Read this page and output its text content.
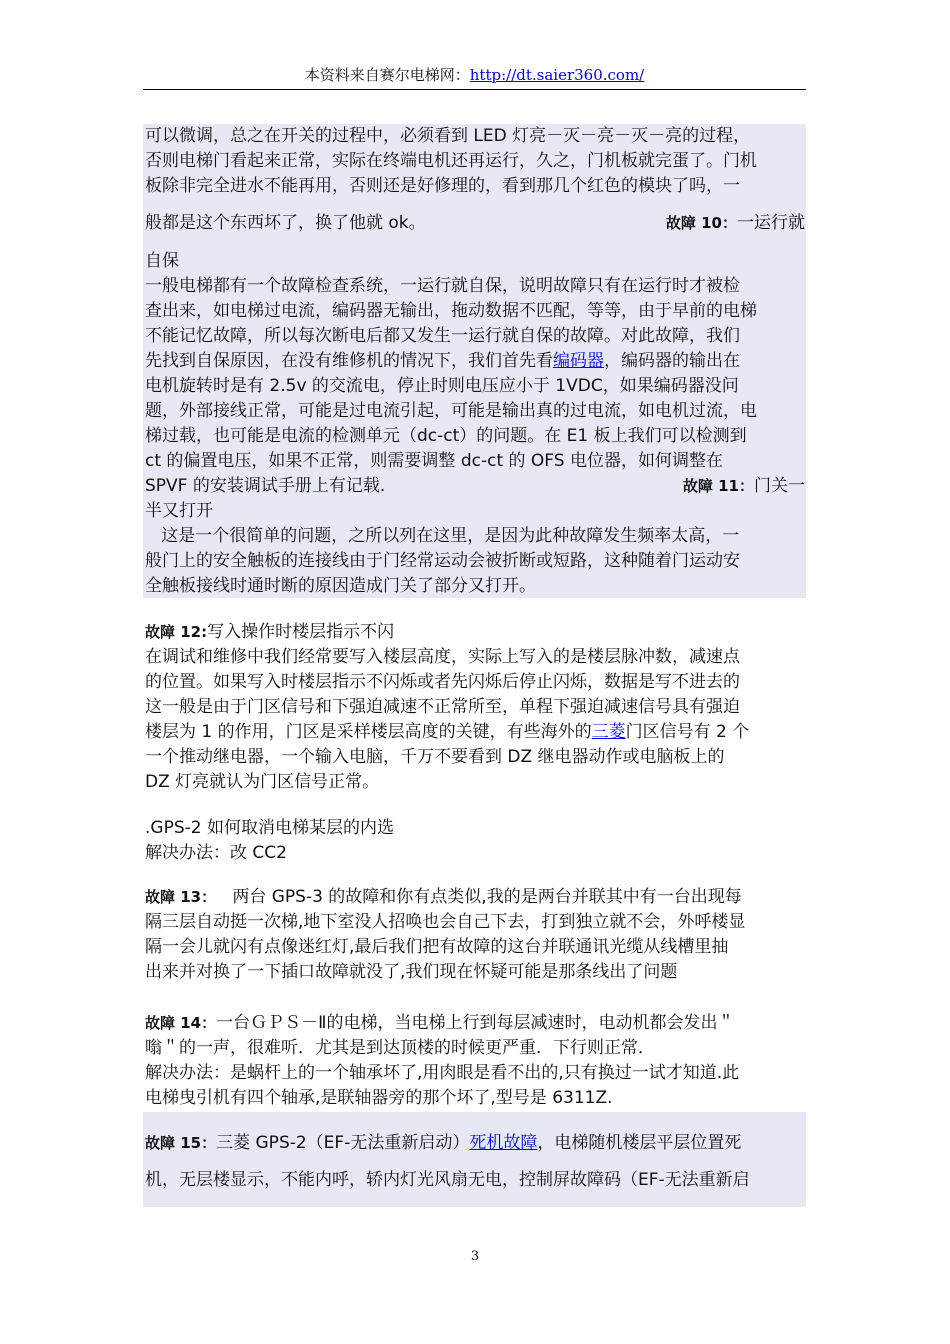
本资料来自赛尔电梯网：http://dt.saier360.com/
可以微调，总之在开关的过程中，必须看到 LED 灯亮－灭－亮－灭－亮的过程，
否则电梯门看起来正常，实际在终端电机还再运行，久之，门机板就完蛋了。门机
板除非完全进水不能再用，否则还是好修理的，看到那几个红色的模块了吗，一
般都是这个东西坏了，换了他就 ok。	故障 10：一运行就
自保
一般电梯都有一个故障检查系统，一运行就自保，说明故障只有在运行时才被检
查出来，如电梯过电流，编码器无输出，拖动数据不匹配，等等，由于早前的电梯
不能记忆故障，所以每次断电后都又发生一运行就自保的故障。对此故障，我们
先找到自保原因，在没有维修机的情况下，我们首先看编码器，编码器的输出在
电机旋转时是有 2.5v 的交流电，停止时则电压应小于 1VDC，如果编码器没问
题，外部接线正常，可能是过电流引起，可能是输出真的过电流，如电机过流，电
梯过载，也可能是电流的检测单元（dc-ct）的问题。在 E1 板上我们可以检测到
ct 的偏置电压，如果不正常，则需要调整 dc-ct 的 OFS 电位器，如何调整在
SPVF 的安装调试手册上有记载.	故障 11：门关一
半又打开
这是一个很简单的问题，之所以列在这里，是因为此种故障发生频率太高，一
般门上的安全触板的连接线由于门经常运动会被折断或短路，这种随着门运动安
全触板接线时通时断的原因造成门关了部分又打开。
故障 12:写入操作时楼层指示不闪
在调试和维修中我们经常要写入楼层高度，实际上写入的是楼层脉冲数，减速点
的位置。如果写入时楼层指示不闪烁或者先闪烁后停止闪烁，数据是写不进去的
这一般是由于门区信号和下强迫减速不正常所至，单程下强迫减速信号具有强迫
楼层为 1 的作用，门区是采样楼层高度的关键，有些海外的三菱门区信号有 2 个
一个推动继电器，一个输入电脑，千万不要看到 DZ 继电器动作或电脑板上的
DZ 灯亮就认为门区信号正常。
.GPS-2 如何取消电梯某层的内选
解决办法：改 CC2
故障 13：   两台 GPS-3 的故障和你有点类似,我的是两台并联其中有一台出现每
隔三层自动挺一次梯,地下室没人招唤也会自己下去，打到独立就不会，外呼楼显
隔一会儿就闪有点像迷红灯,最后我们把有故障的这台并联通讯光缆从线槽里抽
出来并对换了一下插口故障就没了,我们现在怀疑可能是那条线出了问题
故障 14：一台ＧＰＳ－Ⅱ的电梯，当电梯上行到每层减速时，电动机都会发出＂
嗡＂的一声，很难听．尤其是到达顶楼的时候更严重．下行则正常．
解决办法：是蜗杆上的一个轴承坏了,用肉眼是看不出的,只有换过一试才知道.此
电梯曳引机有四个轴承,是联轴器旁的那个坏了,型号是 6311Z.
故障 15：三菱 GPS-2（EF-无法重新启动）死机故障，电梯随机楼层平层位置死
机，无层楼显示，不能内呼，轿内灯光风扇无电，控制屏故障码（EF-无法重新启
3
